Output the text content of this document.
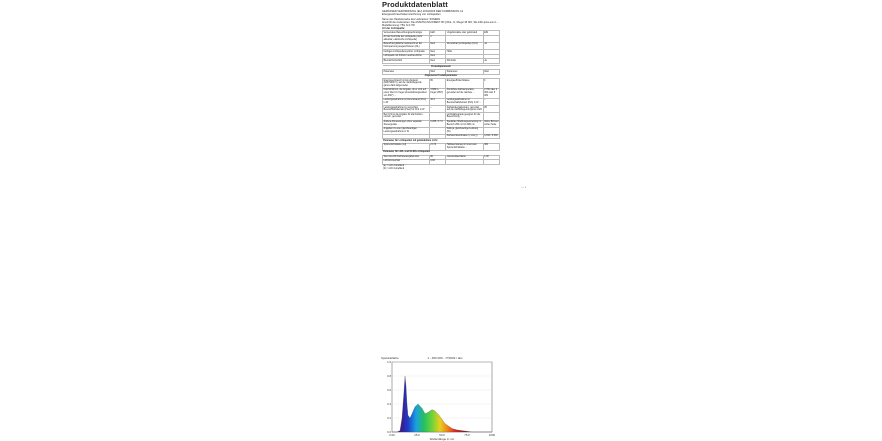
Produktdatenblatt
GEMÄSSER VERORDNUNG (EU) 2019/2015 DER KOMMISSION zur Energieverbrauchskennzeichnung von Lichtquellen
Name des Handelsmarke des Lieferanten: SONERA
Anschrift des Lieferanten: Die ANSCHLUSS DIREKT 80 Q.B.E., D, Riegel 45 ISO, SE-149 Lipiss aus in ...
Modellkennung: T5G 1LS 7W
Art der Lichtquelle:
Verwendete Beleuchtungstechnologie	LED	Ungebündelte oder gebündelt	EIN
Art der Kontrolle der Lichtquelle (nicht ablesbar, elektrische Lichtquelle)	1		
Beleuchtungsfläche Gebraucht an der Netzspannung angeschlossen (NL)	Nein	Vernetzbar (Lichtquelle) (CLS)	Ja
Farbiges Lichtquellensymbol: Lichtquelle	Nein	Hülle	
Lichtquelle mit hohem Leuchte-dichte	Nein		
Blendschutzschild	Nein	Dimmbar	Ja
Produktparameter			
Parameter	Wert	Parameter	Wert
Allgemeine Produktparameter			
Energieverbrauch im Ein-Zustand (kWh/1000 h), auf die nächstliegende ganze Zahl aufgerundet	80	Energieeffizienzklasse	F
Nutzlichtstrom, die Angabe, ob er sich auf einen Wert im Kegel (Ausstrahlungswinkel von 360°) ...	4 880 in Kugel (360°)	Ähnlichste Farbtemperatur, gerundet auf die nächste ...	2 700 oder 4 000 oder 6 000
Leistungsaufnahme im Ein-Zustand (Pon) in W	40,0	Leistungsaufnahme im Bereitschaftsbetrieb (Psb) in W ...	–
Leistungsaufnahme im vernetzten Bereitschaftsbetrieb (Pnet) für CLS in W	–	Farbwiedergabeindex, gerundet auf die nächstliegende ganze Zahl	95
Bei CLS ist die Angabe für alle Farben einzeln, gerundet		Lichtstärkegrade geeignet für die Beleuchtung ...	
Äußere Abmessungen ohne separate Steuergeräte ...	0 285 / 0 / 0	Spektrale Strahlungsverteilung im Bereich 250 nm bis 800 nm	Siehe Bild auf letzter Seite
Angaben zu einer gleichwertigen Leistungsaufnahme in W		Falls ja, gleichwertige Leistung (W)	
		Farbwertkoordinaten (x und y)	0,316 / 0,338
Parameter für Lichtquellen mit gebündeltem Licht			
Spitzenlichtstärke (cd)	2 174	Halbwertswinkel in Grad oder Spitzenlichtstärke ...	360
Parameter für LED- und OLED-Lichtquellen			
Wert des R9-Farbwiedergabeindex	90	Lebensdauerfaktor	1,00
Lichtstromerhalt	0,96		
(a) = nicht zutreffend			
(b) = nicht zutreffend			
— ▪
Spektralfarbe	1 - 450.000 - 770049 / abc
1.0
0.8
0.6
0.4
0.2
0.0
0.00	25.0	50.0	75.0	1000
Wellenlänge in nm
